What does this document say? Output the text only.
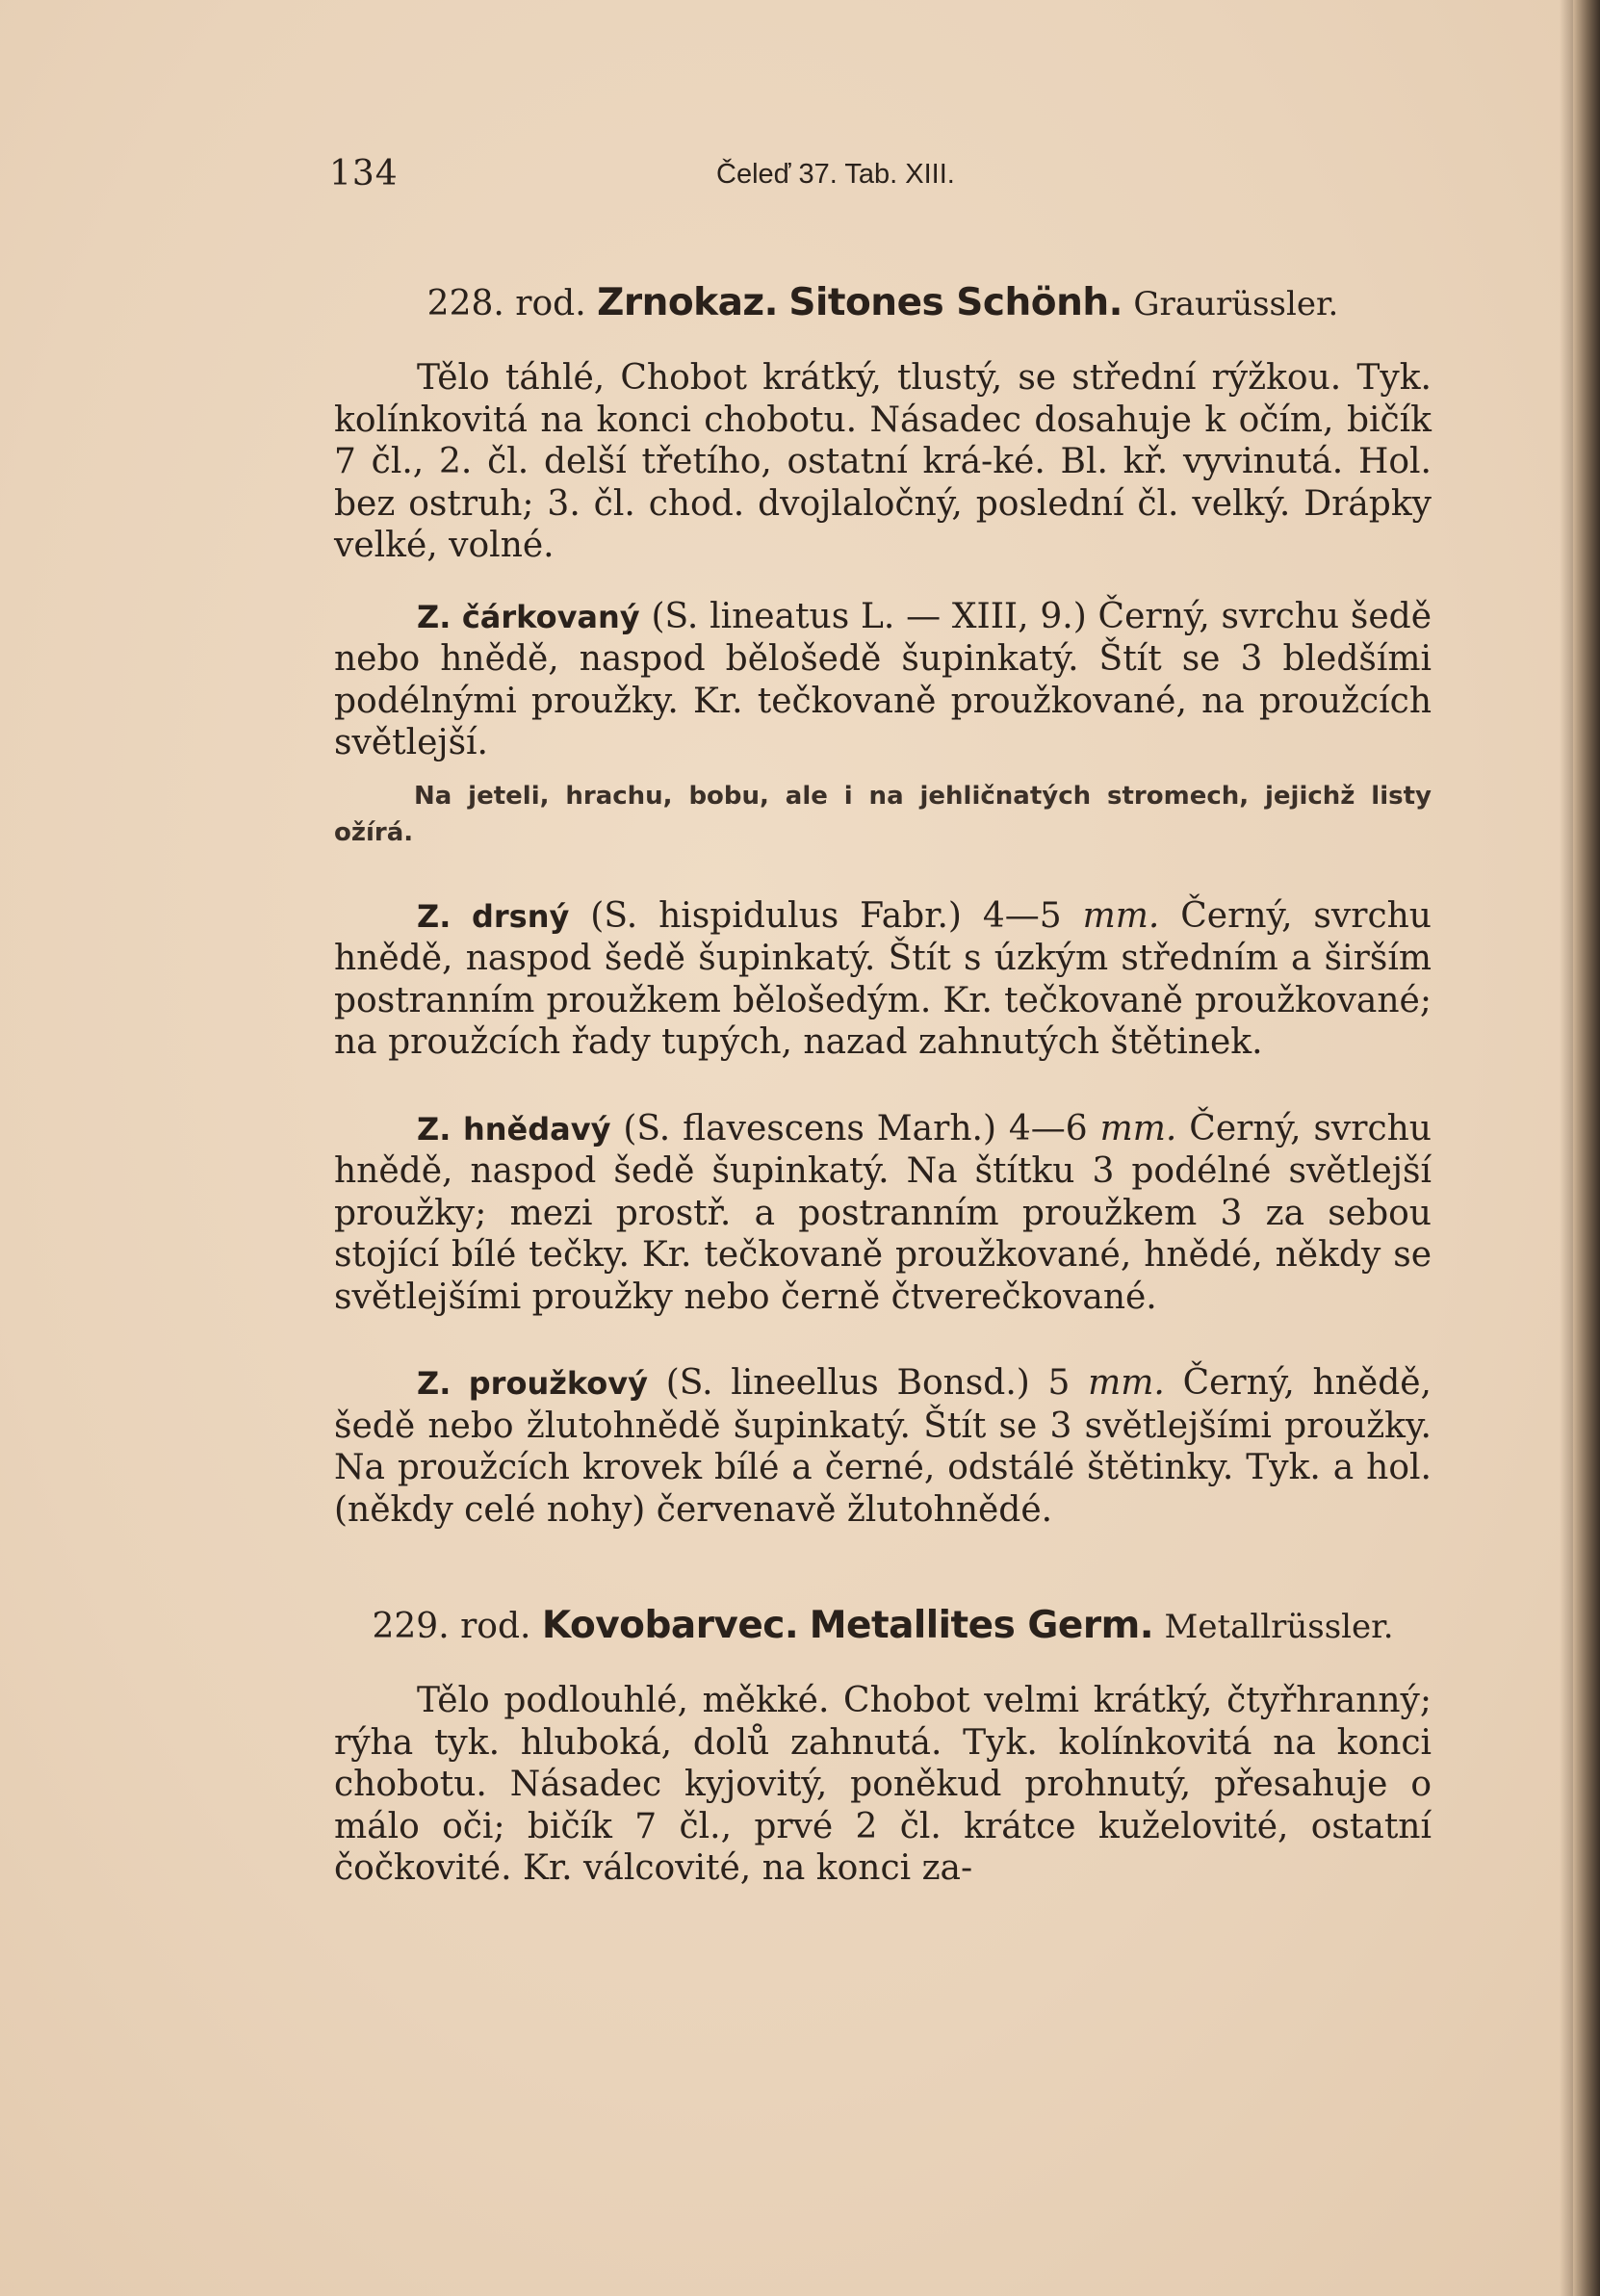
134	Čeleď 37. Tab. XIII.
228. rod. Zrnokaz. Sitones Schönh. Graurüssler.

Tělo táhlé, Chobot krátký, tlustý, se střední rýžkou. Tyk. kolínkovitá na konci chobotu. Násadec dosahuje k očím, bičík 7 čl., 2. čl. delší třetího, ostatní krá-ké. Bl. kř. vyvinutá. Hol. bez ostruh; 3. čl. chod. dvojlaločný, poslední čl. velký. Drápky velké, volné.

Z. čárkovaný (S. lineatus L. — XIII, 9.) Černý, svrchu šedě nebo hnědě, naspod bělošedě šupinkatý. Štít se 3 bledšími podélnými proužky. Kr. tečkovaně proužkované, na proužcích světlejší.

Na jeteli, hrachu, bobu, ale i na jehličnatých stromech, jejichž listy ožírá.

Z. drsný (S. hispidulus Fabr.) 4—5 mm. Černý, svrchu hnědě, naspod šedě šupinkatý. Štít s úzkým středním a širším postranním proužkem bělošedým. Kr. tečkovaně proužkované; na proužcích řady tupých, nazad zahnutých štětinek.

Z. hnědavý (S. flavescens Marh.) 4—6 mm. Černý, svrchu hnědě, naspod šedě šupinkatý. Na štítku 3 podélné světlejší proužky; mezi prostř. a postranním proužkem 3 za sebou stojící bílé tečky. Kr. tečkovaně proužkované, hnědé, někdy se světlejšími proužky nebo černě čtverečkované.

Z. proužkový (S. lineellus Bonsd.) 5 mm. Černý, hnědě, šedě nebo žlutohnědě šupinkatý. Štít se 3 světlejšími proužky. Na proužcích krovek bílé a černé, odstálé štětinky. Tyk. a hol. (někdy celé nohy) červenavě žlutohnědé.

229. rod. Kovobarvec. Metallites Germ. Metallrüssler.

Tělo podlouhlé, měkké. Chobot velmi krátký, čtyřhranný; rýha tyk. hluboká, dolů zahnutá. Tyk. kolínkovitá na konci chobotu. Násadec kyjovitý, poněkud prohnutý, přesahuje o málo oči; bičík 7 čl., prvé 2 čl. krátce kuželovité, ostatní čočkovité. Kr. válcovité, na konci za-
